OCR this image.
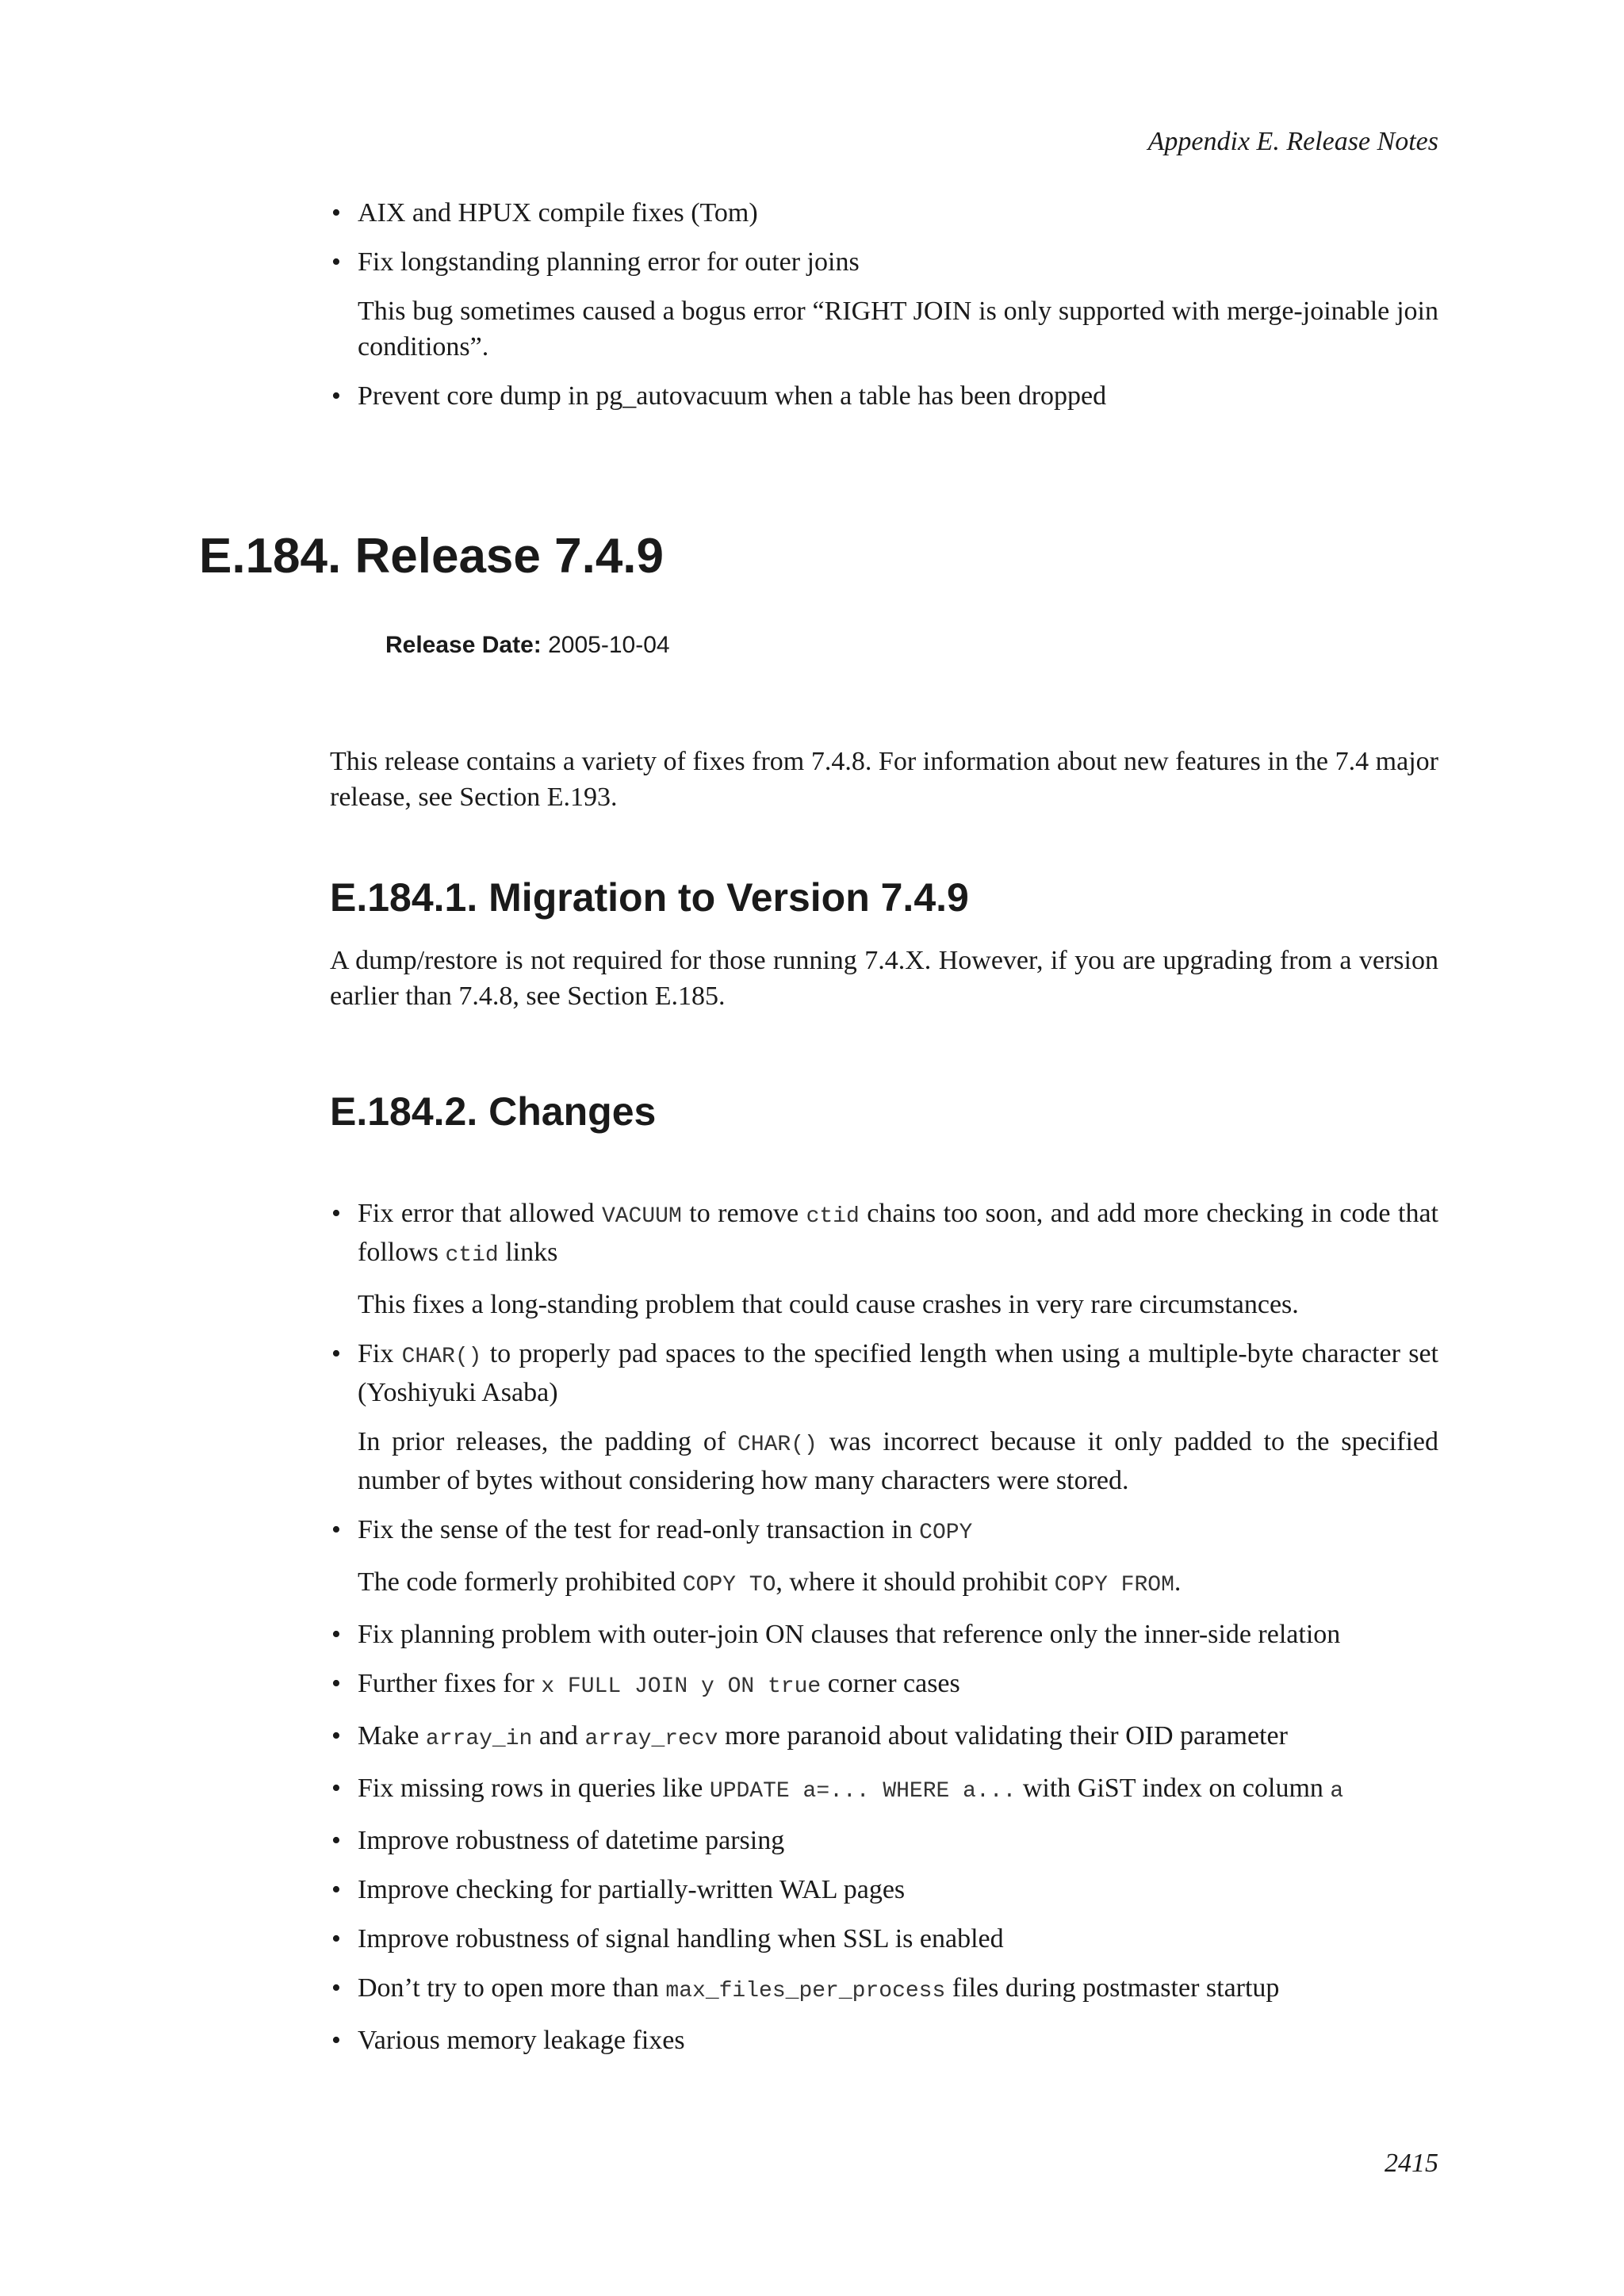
Appendix E. Release Notes
• AIX and HPUX compile fixes (Tom)

• Fix longstanding planning error for outer joins

This bug sometimes caused a bogus error “RIGHT JOIN is only supported with merge-joinable join conditions”.

• Prevent core dump in pg_autovacuum when a table has been dropped

E.184. Release 7.4.9
Release Date: 2005-10-04

This release contains a variety of fixes from 7.4.8. For information about new features in the 7.4 major release, see Section E.193.

E.184.1. Migration to Version 7.4.9

A dump/restore is not required for those running 7.4.X. However, if you are upgrading from a version earlier than 7.4.8, see Section E.185.

E.184.2. Changes
• Fix error that allowed VACUUM to remove ctid chains too soon, and add more checking in code that follows ctid links

This fixes a long-standing problem that could cause crashes in very rare circumstances.

• Fix CHAR() to properly pad spaces to the specified length when using a multiple-byte character set (Yoshiyuki Asaba)

In prior releases, the padding of CHAR() was incorrect because it only padded to the specified number of bytes without considering how many characters were stored.

• Fix the sense of the test for read-only transaction in COPY

The code formerly prohibited COPY TO, where it should prohibit COPY FROM.

• Fix planning problem with outer-join ON clauses that reference only the inner-side relation

• Further fixes for x FULL JOIN y ON true corner cases

• Make array_in and array_recv more paranoid about validating their OID parameter

• Fix missing rows in queries like UPDATE a=... WHERE a... with GiST index on column a

• Improve robustness of datetime parsing

• Improve checking for partially-written WAL pages

• Improve robustness of signal handling when SSL is enabled

• Don’t try to open more than max_files_per_process files during postmaster startup

• Various memory leakage fixes

2415
